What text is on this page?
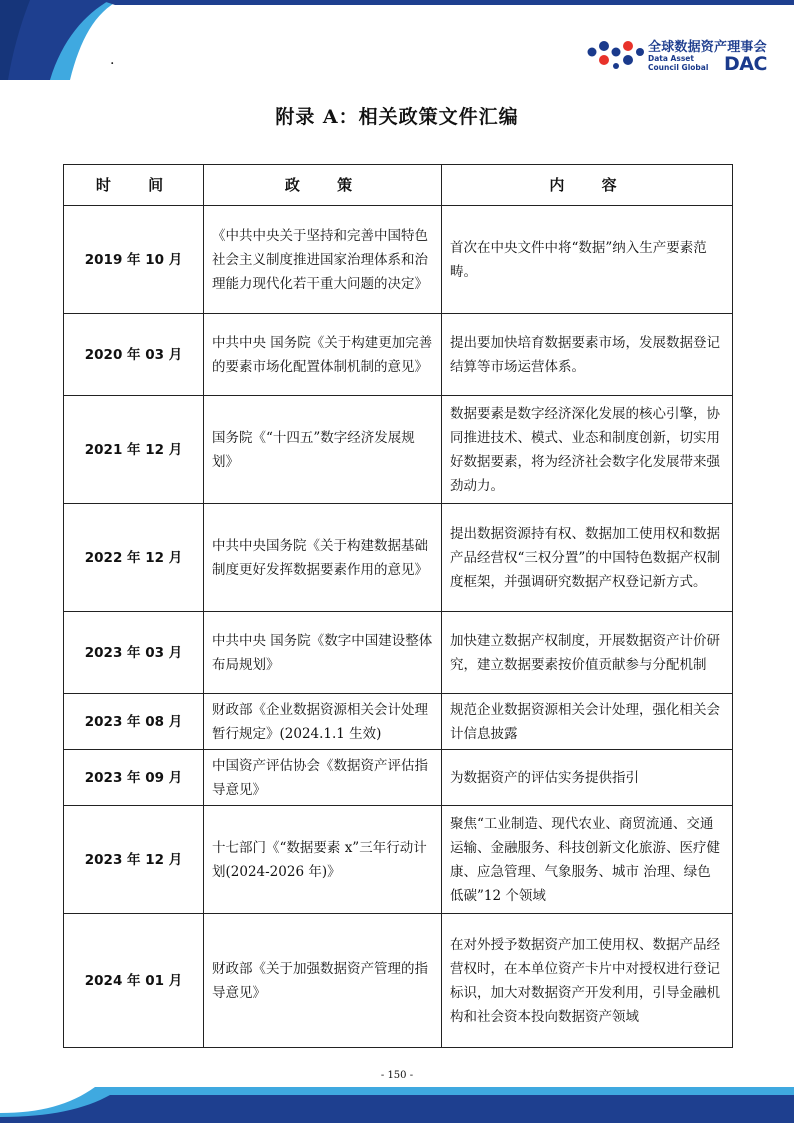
.
全球数据资产理事会
Data Asset
Council Global DAC
附录 A：相关政策文件汇编
时 间	政 策	内 容
2019 年 10 月	《中共中央关于坚持和完善中国特色社会主义制度推进国家治理体系和治理能力现代化若干重大问题的决定》	首次在中央文件中将“数据”纳入生产要素范畴。
2020 年 03 月	中共中央 国务院《关于构建更加完善的要素市场化配置体制机制的意见》	提出要加快培育数据要素市场，发展数据登记结算等市场运营体系。
2021 年 12 月	国务院《“十四五”数字经济发展规划》	数据要素是数字经济深化发展的核心引擎，协同推进技术、模式、业态和制度创新，切实用好数据要素，将为经济社会数字化发展带来强劲动力。
2022 年 12 月	中共中央国务院《关于构建数据基础制度更好发挥数据要素作用的意见》	提出数据资源持有权、数据加工使用权和数据产品经营权“三权分置”的中国特色数据产权制度框架，并强调研究数据产权登记新方式。
2023 年 03 月	中共中央 国务院《数字中国建设整体布局规划》	加快建立数据产权制度，开展数据资产计价研究，建立数据要素按价值贡献参与分配机制
2023 年 08 月	财政部《企业数据资源相关会计处理暂行规定》(2024.1.1 生效)	规范企业数据资源相关会计处理，强化相关会计信息披露
2023 年 09 月	中国资产评估协会《数据资产评估指导意见》	为数据资产的评估实务提供指引
2023 年 12 月	十七部门《“数据要素 x”三年行动计划(2024-2026 年)》	聚焦“工业制造、现代农业、商贸流通、交通运输、金融服务、科技创新文化旅游、医疗健康、应急管理、气象服务、城市 治理、绿色低碳”12 个领域
2024 年 01 月	财政部《关于加强数据资产管理的指导意见》	在对外授予数据资产加工使用权、数据产品经营权时，在本单位资产卡片中对授权进行登记标识，加大对数据资产开发利用，引导金融机构和社会资本投向数据资产领域
- 150 -
